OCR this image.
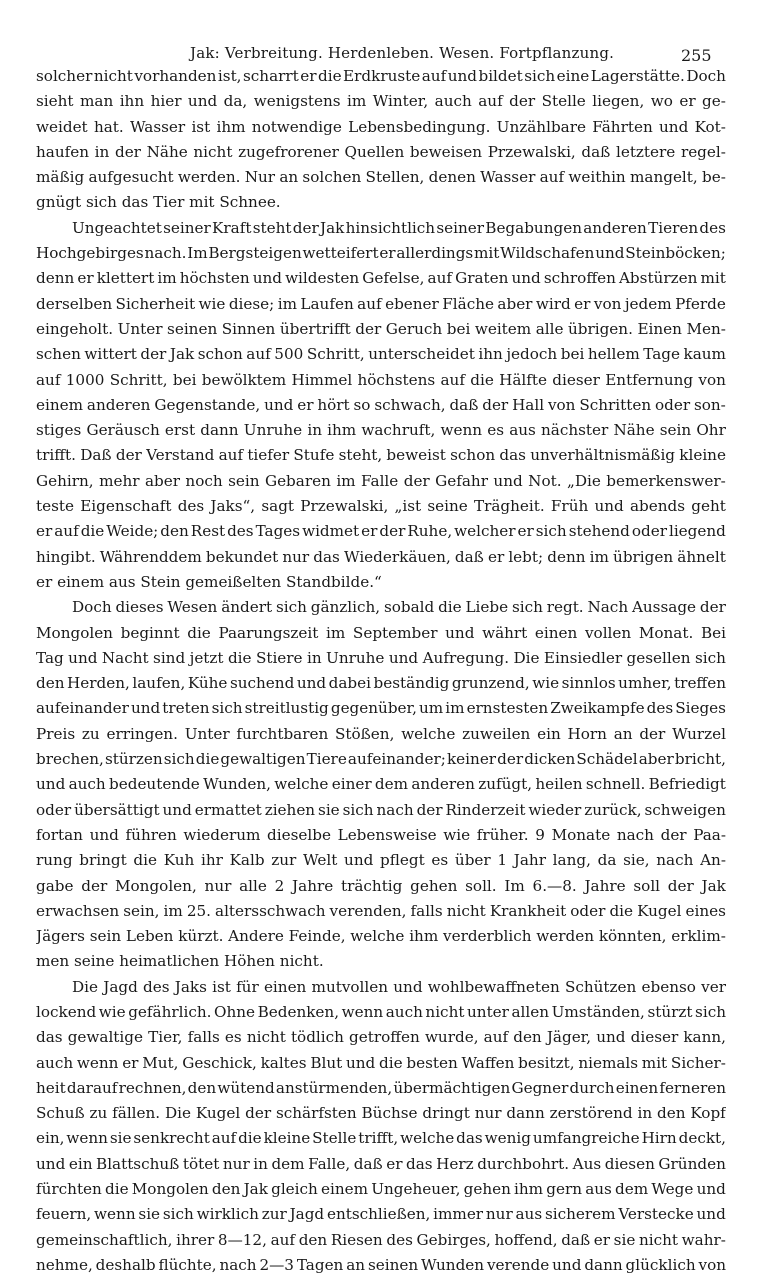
Jak: Verbreitung. Herdenleben. Wesen. Fortpflanzung.	255
solcher nicht vorhanden ist, scharrt er die Erdkruste auf und bildet sich eine Lagerstätte. Doch
sieht man ihn hier und da, wenigstens im Winter, auch auf der Stelle liegen, wo er ge-
weidet hat. Wasser ist ihm notwendige Lebensbedingung. Unzählbare Fährten und Kot-
haufen in der Nähe nicht zugefrorener Quellen beweisen Przewalski, daß letztere regel-
mäßig aufgesucht werden. Nur an solchen Stellen, denen Wasser auf weithin mangelt, be-
gnügt sich das Tier mit Schnee.
Ungeachtet seiner Kraft steht der Jak hinsichtlich seiner Begabungen anderen Tieren des
Hochgebirges nach. Im Bergsteigen wetteifert er allerdings mit Wildschafen und Steinböcken;
denn er klettert im höchsten und wildesten Gefelse, auf Graten und schroffen Abstürzen mit
derselben Sicherheit wie diese; im Laufen auf ebener Fläche aber wird er von jedem Pferde
eingeholt. Unter seinen Sinnen übertrifft der Geruch bei weitem alle übrigen. Einen Men-
schen wittert der Jak schon auf 500 Schritt, unterscheidet ihn jedoch bei hellem Tage kaum
auf 1000 Schritt, bei bewölktem Himmel höchstens auf die Hälfte dieser Entfernung von
einem anderen Gegenstande, und er hört so schwach, daß der Hall von Schritten oder son-
stiges Geräusch erst dann Unruhe in ihm wachruft, wenn es aus nächster Nähe sein Ohr
trifft. Daß der Verstand auf tiefer Stufe steht, beweist schon das unverhältnismäßig kleine
Gehirn, mehr aber noch sein Gebaren im Falle der Gefahr und Not. „Die bemerkenswer-
teste Eigenschaft des Jaks“, sagt Przewalski, „ist seine Trägheit. Früh und abends geht
er auf die Weide; den Rest des Tages widmet er der Ruhe, welcher er sich stehend oder liegend
hingibt. Währenddem bekundet nur das Wiederkäuen, daß er lebt; denn im übrigen ähnelt
er einem aus Stein gemeißelten Standbilde.“
Doch dieses Wesen ändert sich gänzlich, sobald die Liebe sich regt. Nach Aussage der
Mongolen beginnt die Paarungszeit im September und währt einen vollen Monat. Bei
Tag und Nacht sind jetzt die Stiere in Unruhe und Aufregung. Die Einsiedler gesellen sich
den Herden, laufen, Kühe suchend und dabei beständig grunzend, wie sinnlos umher, treffen
aufeinander und treten sich streitlustig gegenüber, um im ernstesten Zweikampfe des Sieges
Preis zu erringen. Unter furchtbaren Stößen, welche zuweilen ein Horn an der Wurzel
brechen, stürzen sich die gewaltigen Tiere aufeinander; keiner der dicken Schädel aber bricht,
und auch bedeutende Wunden, welche einer dem anderen zufügt, heilen schnell. Befriedigt
oder übersättigt und ermattet ziehen sie sich nach der Rinderzeit wieder zurück, schweigen
fortan und führen wiederum dieselbe Lebensweise wie früher. 9 Monate nach der Paa-
rung bringt die Kuh ihr Kalb zur Welt und pflegt es über 1 Jahr lang, da sie, nach An-
gabe der Mongolen, nur alle 2 Jahre trächtig gehen soll. Im 6.—8. Jahre soll der Jak
erwachsen sein, im 25. altersschwach verenden, falls nicht Krankheit oder die Kugel eines
Jägers sein Leben kürzt. Andere Feinde, welche ihm verderblich werden könnten, erklim-
men seine heimatlichen Höhen nicht.
Die Jagd des Jaks ist für einen mutvollen und wohlbewaffneten Schützen ebenso ver
lockend wie gefährlich. Ohne Bedenken, wenn auch nicht unter allen Umständen, stürzt sich
das gewaltige Tier, falls es nicht tödlich getroffen wurde, auf den Jäger, und dieser kann,
auch wenn er Mut, Geschick, kaltes Blut und die besten Waffen besitzt, niemals mit Sicher-
heit darauf rechnen, den wütend anstürmenden, übermächtigen Gegner durch einen ferneren
Schuß zu fällen. Die Kugel der schärfsten Büchse dringt nur dann zerstörend in den Kopf
ein, wenn sie senkrecht auf die kleine Stelle trifft, welche das wenig umfangreiche Hirn deckt,
und ein Blattschuß tötet nur in dem Falle, daß er das Herz durchbohrt. Aus diesen Gründen
fürchten die Mongolen den Jak gleich einem Ungeheuer, gehen ihm gern aus dem Wege und
feuern, wenn sie sich wirklich zur Jagd entschließen, immer nur aus sicherem Verstecke und
gemeinschaftlich, ihrer 8—12, auf den Riesen des Gebirges, hoffend, daß er sie nicht wahr-
nehme, deshalb flüchte, nach 2—3 Tagen an seinen Wunden verende und dann glücklich von
